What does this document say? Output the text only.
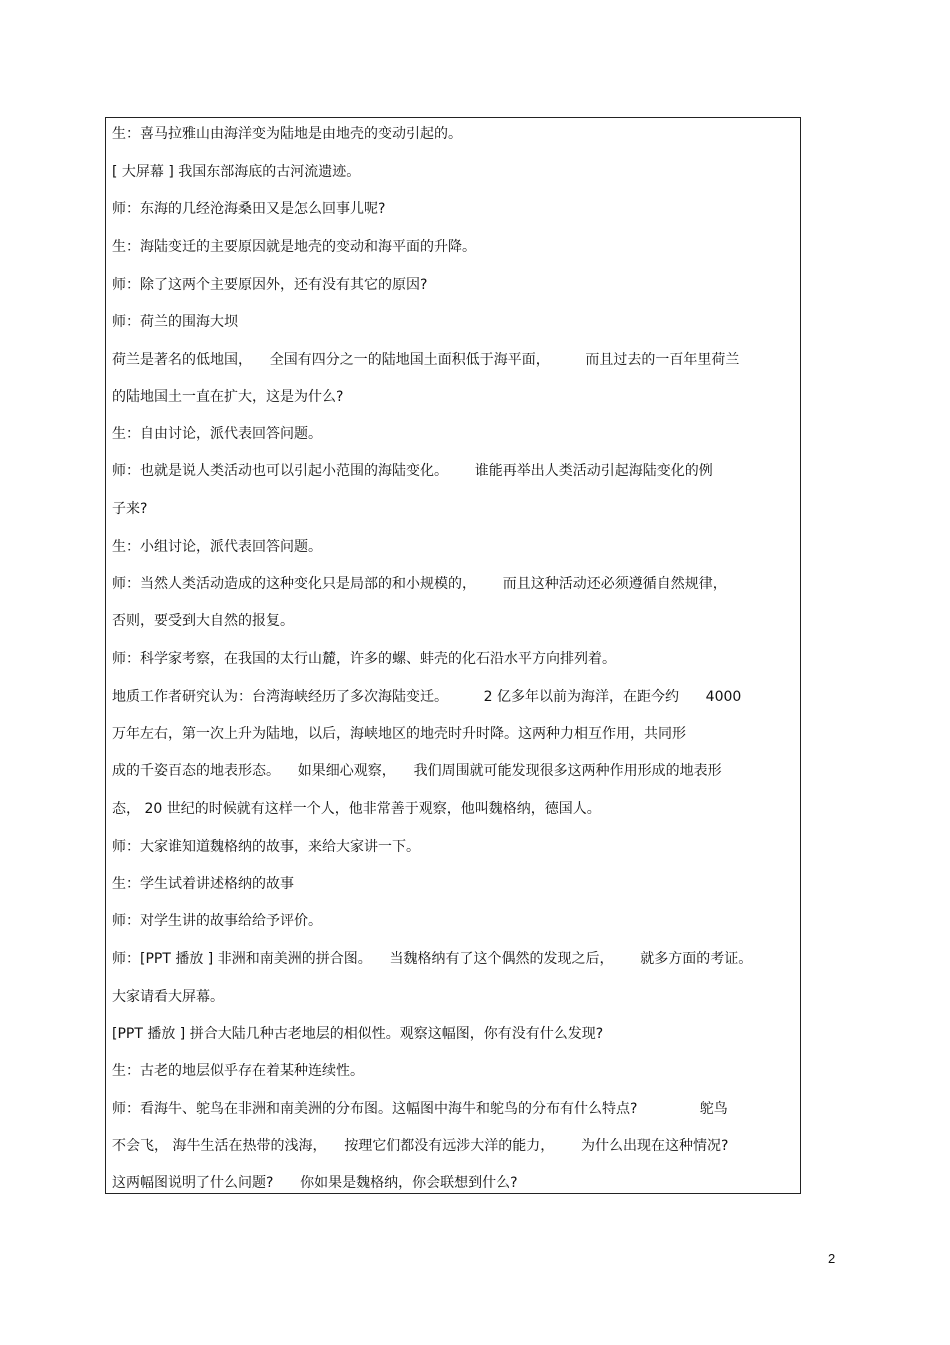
生：喜马拉雅山由海洋变为陆地是由地壳的变动引起的。
[ 大屏幕 ] 我国东部海底的古河流遗迹。
师：东海的几经沧海桑田又是怎么回事儿呢?
生：海陆变迁的主要原因就是地壳的变动和海平面的升降。
师：除了这两个主要原因外，还有没有其它的原因?
师：荷兰的围海大坝
荷兰是著名的低地国，    全国有四分之一的陆地国土面积低于海平面，        而且过去的一百年里荷兰
的陆地国土一直在扩大，这是为什么?
生：自由讨论，派代表回答问题。
师：也就是说人类活动也可以引起小范围的海陆变化。      谁能再举出人类活动引起海陆变化的例
子来?
生：小组讨论，派代表回答问题。
师：当然人类活动造成的这种变化只是局部的和小规模的，      而且这种活动还必须遵循自然规律，
否则，要受到大自然的报复。
师：科学家考察，在我国的太行山麓，许多的螺、蚌壳的化石沿水平方向排列着。
地质工作者研究认为：台湾海峡经历了多次海陆变迁。        2 亿多年以前为海洋，在距今约      4000
万年左右，第一次上升为陆地，以后，海峡地区的地壳时升时降。这两种力相互作用，共同形
成的千姿百态的地表形态。    如果细心观察，    我们周围就可能发现很多这两种作用形成的地表形
态， 20 世纪的时候就有这样一个人，他非常善于观察，他叫魏格纳，德国人。
师：大家谁知道魏格纳的故事，来给大家讲一下。
生：学生试着讲述格纳的故事
师：对学生讲的故事给给予评价。
师：[PPT 播放 ] 非洲和南美洲的拼合图。    当魏格纳有了这个偶然的发现之后，      就多方面的考证。
大家请看大屏幕。
[PPT 播放 ] 拼合大陆几种古老地层的相似性。观察这幅图，你有没有什么发现?
生：古老的地层似乎存在着某种连续性。
师：看海牛、鸵鸟在非洲和南美洲的分布图。这幅图中海牛和鸵鸟的分布有什么特点?              鸵鸟
不会飞， 海牛生活在热带的浅海，    按理它们都没有远涉大洋的能力，      为什么出现在这种情况?
这两幅图说明了什么问题?      你如果是魏格纳，你会联想到什么?
2
